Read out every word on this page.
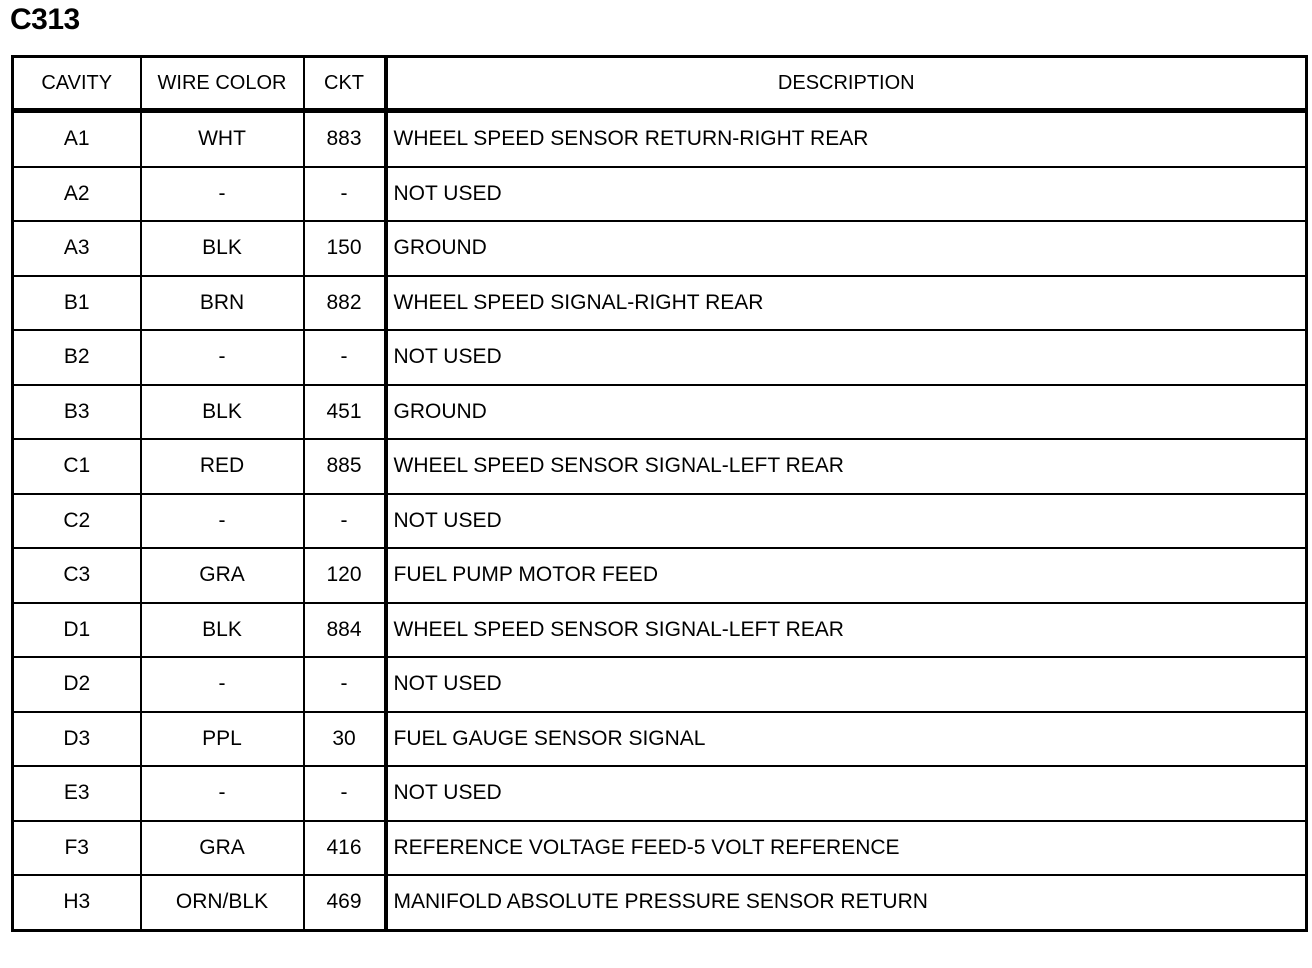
C313
CAVITY	WIRE COLOR	CKT	DESCRIPTION
A1	WHT	883	WHEEL SPEED SENSOR RETURN-RIGHT REAR
A2	-	-	NOT USED
A3	BLK	150	GROUND
B1	BRN	882	WHEEL SPEED SIGNAL-RIGHT REAR
B2	-	-	NOT USED
B3	BLK	451	GROUND
C1	RED	885	WHEEL SPEED SENSOR SIGNAL-LEFT REAR
C2	-	-	NOT USED
C3	GRA	120	FUEL PUMP MOTOR FEED
D1	BLK	884	WHEEL SPEED SENSOR SIGNAL-LEFT REAR
D2	-	-	NOT USED
D3	PPL	30	FUEL GAUGE SENSOR SIGNAL
E3	-	-	NOT USED
F3	GRA	416	REFERENCE VOLTAGE FEED-5 VOLT REFERENCE
H3	ORN/BLK	469	MANIFOLD ABSOLUTE PRESSURE SENSOR RETURN
